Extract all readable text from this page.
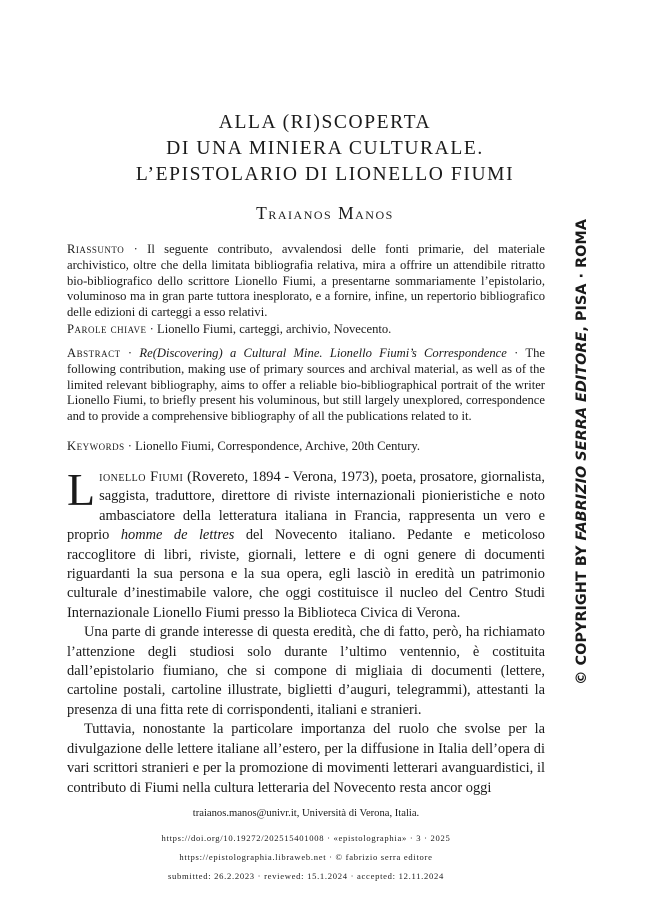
ALLA (RI)SCOPERTA
DI UNA MINIERA CULTURALE.
L’EPISTOLARIO DI LIONELLO FIUMI
Traianos Manos
Riassunto · Il seguente contributo, avvalendosi delle fonti primarie, del materiale archivistico, oltre che della limitata bibliografia relativa, mira a offrire un attendibile ritratto bio-bibliografico dello scrittore Lionello Fiumi, a presentarne sommariamente l’epistolario, voluminoso ma in gran parte tuttora inesplorato, e a fornire, infine, un repertorio bibliografico delle edizioni di carteggi a esso relativi.
Parole chiave · Lionello Fiumi, carteggi, archivio, Novecento.
Abstract · Re(Discovering) a Cultural Mine. Lionello Fiumi’s Correspondence · The following contribution, making use of primary sources and archival material, as well as of the limited relevant bibliography, aims to offer a reliable bio-bibliographical portrait of the writer Lionello Fiumi, to briefly present his voluminous, but still largely unexplored, correspondence and to provide a comprehensive bibliography of all the publications related to it.
Keywords · Lionello Fiumi, Correspondence, Archive, 20th Century.

Lionello Fiumi (Rovereto, 1894 - Verona, 1973), poeta, prosatore, giornalista, saggista, traduttore, direttore di riviste internazionali pionieristiche e noto ambasciatore della letteratura italiana in Francia, rappresenta un vero e proprio homme de lettres del Novecento italiano. Pedante e meticoloso raccoglitore di libri, riviste, giornali, lettere e di ogni genere di documenti riguardanti la sua persona e la sua opera, egli lasciò in eredità un patrimonio culturale d’inestimabile valore, che oggi costituisce il nucleo del Centro Studi Internazionale Lionello Fiumi presso la Biblioteca Civica di Verona.

Una parte di grande interesse di questa eredità, che di fatto, però, ha richiamato l’attenzione degli studiosi solo durante l’ultimo ventennio, è costituita dall’epistolario fiumiano, che si compone di migliaia di documenti (lettere, cartoline postali, cartoline illustrate, biglietti d’auguri, telegrammi), attestanti la presenza di una fitta rete di corrispondenti, italiani e stranieri.

Tuttavia, nonostante la particolare importanza del ruolo che svolse per la divulgazione delle lettere italiane all’estero, per la diffusione in Italia dell’opera di vari scrittori stranieri e per la promozione di movimenti letterari avanguardistici, il contributo di Fiumi nella cultura letteraria del Novecento resta ancor oggi

traianos.manos@univr.it, Università di Verona, Italia.
https://doi.org/10.19272/202515401008 · «epistolographia» · 3 · 2025
https://epistolographia.libraweb.net · © fabrizio serra editore
submitted: 26.2.2023 · reviewed: 15.1.2024 · accepted: 12.11.2024
© COPYRIGHT BY FABRIZIO SERRA EDITORE, PISA · ROMA
